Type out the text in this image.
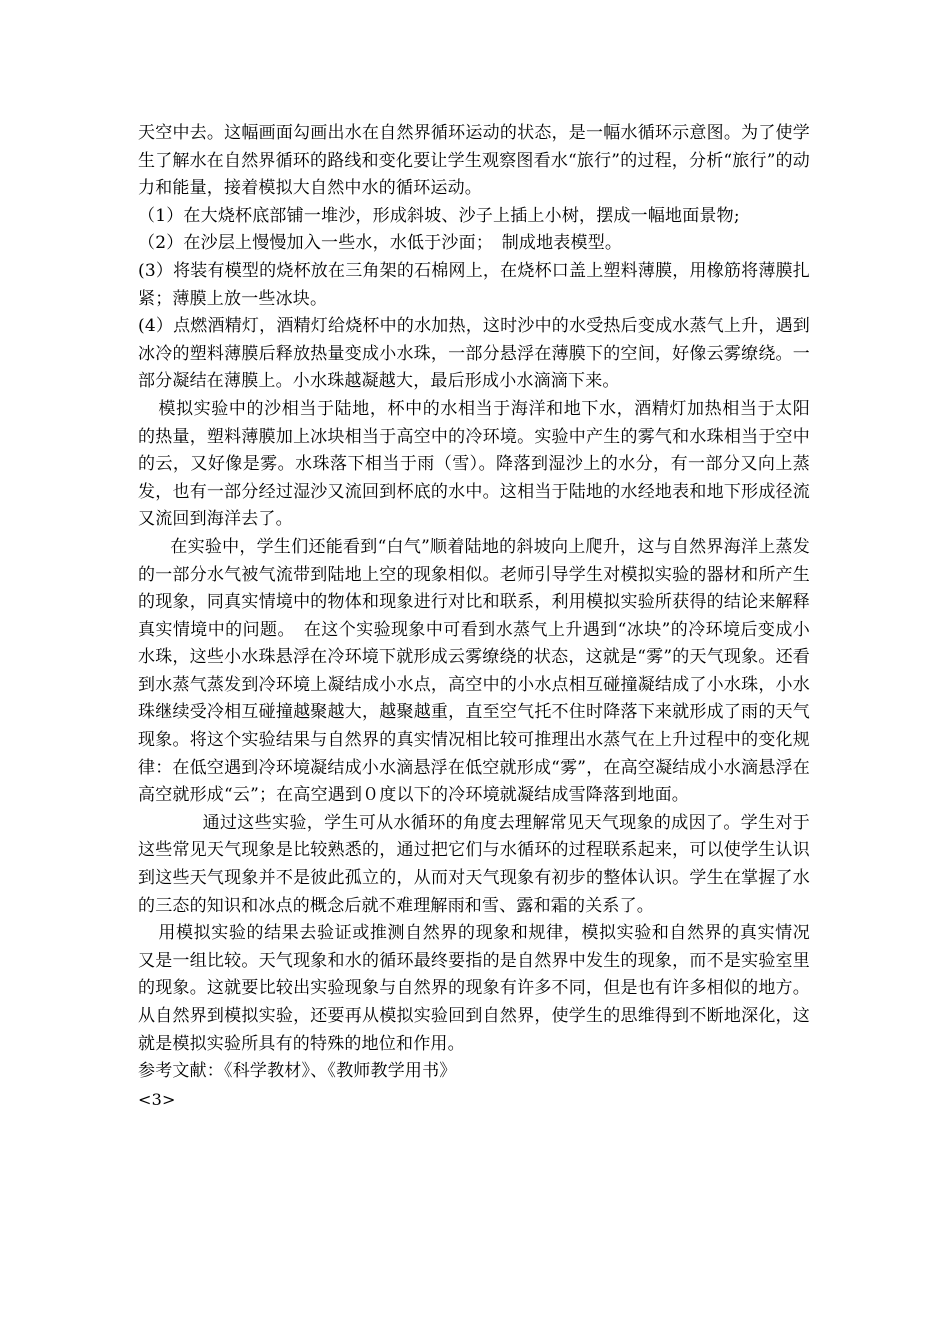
天空中去。这幅画面勾画出水在自然界循环运动的状态，是一幅水循环示意图。为了使学生了解水在自然界循环的路线和变化要让学生观察图看水“旅行”的过程，分析“旅行”的动力和能量，接着模拟大自然中水的循环运动。

（1）在大烧杯底部铺一堆沙，形成斜坡、沙子上插上小树，摆成一幅地面景物;

（2）在沙层上慢慢加入一些水，水低于沙面；　制成地表模型。

(3）将装有模型的烧杯放在三角架的石棉网上，在烧杯口盖上塑料薄膜，用橡筋将薄膜扎紧；薄膜上放一些冰块。

(4）点燃酒精灯，酒精灯给烧杯中的水加热，这时沙中的水受热后变成水蒸气上升，遇到冰冷的塑料薄膜后释放热量变成小水珠，一部分悬浮在薄膜下的空间，好像云雾缭绕。一部分凝结在薄膜上。小水珠越凝越大，最后形成小水滴滴下来。

模拟实验中的沙相当于陆地，杯中的水相当于海洋和地下水，酒精灯加热相当于太阳的热量，塑料薄膜加上冰块相当于高空中的冷环境。实验中产生的雾气和水珠相当于空中的云，又好像是雾。水珠落下相当于雨（雪）。降落到湿沙上的水分，有一部分又向上蒸发，也有一部分经过湿沙又流回到杯底的水中。这相当于陆地的水经地表和地下形成径流又流回到海洋去了。

在实验中，学生们还能看到“白气”顺着陆地的斜坡向上爬升，这与自然界海洋上蒸发的一部分水气被气流带到陆地上空的现象相似。老师引导学生对模拟实验的器材和所产生的现象，同真实情境中的物体和现象进行对比和联系，利用模拟实验所获得的结论来解释真实情境中的问题。　在这个实验现象中可看到水蒸气上升遇到“冰块”的冷环境后变成小水珠，这些小水珠悬浮在冷环境下就形成云雾缭绕的状态，这就是“雾”的天气现象。还看到水蒸气蒸发到冷环境上凝结成小水点，高空中的小水点相互碰撞凝结成了小水珠，小水珠继续受冷相互碰撞越聚越大，越聚越重，直至空气托不住时降落下来就形成了雨的天气现象。将这个实验结果与自然界的真实情况相比较可推理出水蒸气在上升过程中的变化规律：在低空遇到冷环境凝结成小水滴悬浮在低空就形成“雾”，在高空凝结成小水滴悬浮在高空就形成“云”；在高空遇到０度以下的冷环境就凝结成雪降落到地面。

通过这些实验，学生可从水循环的角度去理解常见天气现象的成因了。学生对于这些常见天气现象是比较熟悉的，通过把它们与水循环的过程联系起来，可以使学生认识到这些天气现象并不是彼此孤立的，从而对天气现象有初步的整体认识。学生在掌握了水的三态的知识和冰点的概念后就不难理解雨和雪、露和霜的关系了。

用模拟实验的结果去验证或推测自然界的现象和规律，模拟实验和自然界的真实情况又是一组比较。天气现象和水的循环最终要指的是自然界中发生的现象，而不是实验室里的现象。这就要比较出实验现象与自然界的现象有许多不同，但是也有许多相似的地方。从自然界到模拟实验，还要再从模拟实验回到自然界，使学生的思维得到不断地深化，这就是模拟实验所具有的特殊的地位和作用。

参考文献：《科学教材》、《教师教学用书》

<3>
